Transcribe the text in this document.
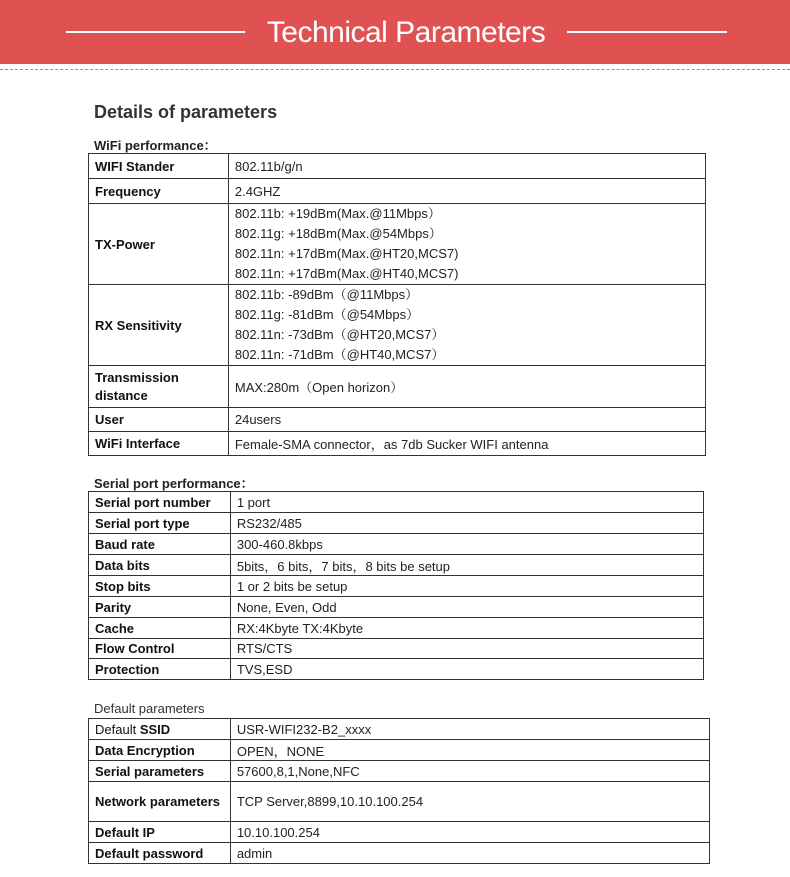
Technical Parameters
Details of parameters
WiFi performance：
WIFI Stander	802.11b/g/n
Frequency	2.4GHZ
TX-Power	802.11b: +19dBm(Max.@11Mbps）
802.11g: +18dBm(Max.@54Mbps）
802.11n: +17dBm(Max.@HT20,MCS7)
802.11n: +17dBm(Max.@HT40,MCS7)

RX Sensitivity	802.11b: -89dBm（@11Mbps）
802.11g: -81dBm（@54Mbps）
802.11n: -73dBm（@HT20,MCS7）
802.11n: -71dBm（@HT40,MCS7）

Transmission distance	MAX:280m（Open horizon）
User	24users
WiFi Interface	Female-SMA connector，as 7db Sucker WIFI antenna
Serial port performance：
Serial port number	1 port
Serial port type	RS232/485
Baud rate	300-460.8kbps
Data bits	5bits，6 bits，7 bits，8 bits be setup
Stop bits	1 or 2 bits be setup
Parity	None, Even, Odd
Cache	RX:4Kbyte TX:4Kbyte
Flow Control	RTS/CTS
Protection	TVS,ESD
Default parameters
Default SSID	USR-WIFI232-B2_xxxx
Data Encryption	OPEN，NONE
Serial parameters	57600,8,1,None,NFC
Network parameters	TCP Server,8899,10.10.100.254
Default IP	10.10.100.254
Default password	admin
